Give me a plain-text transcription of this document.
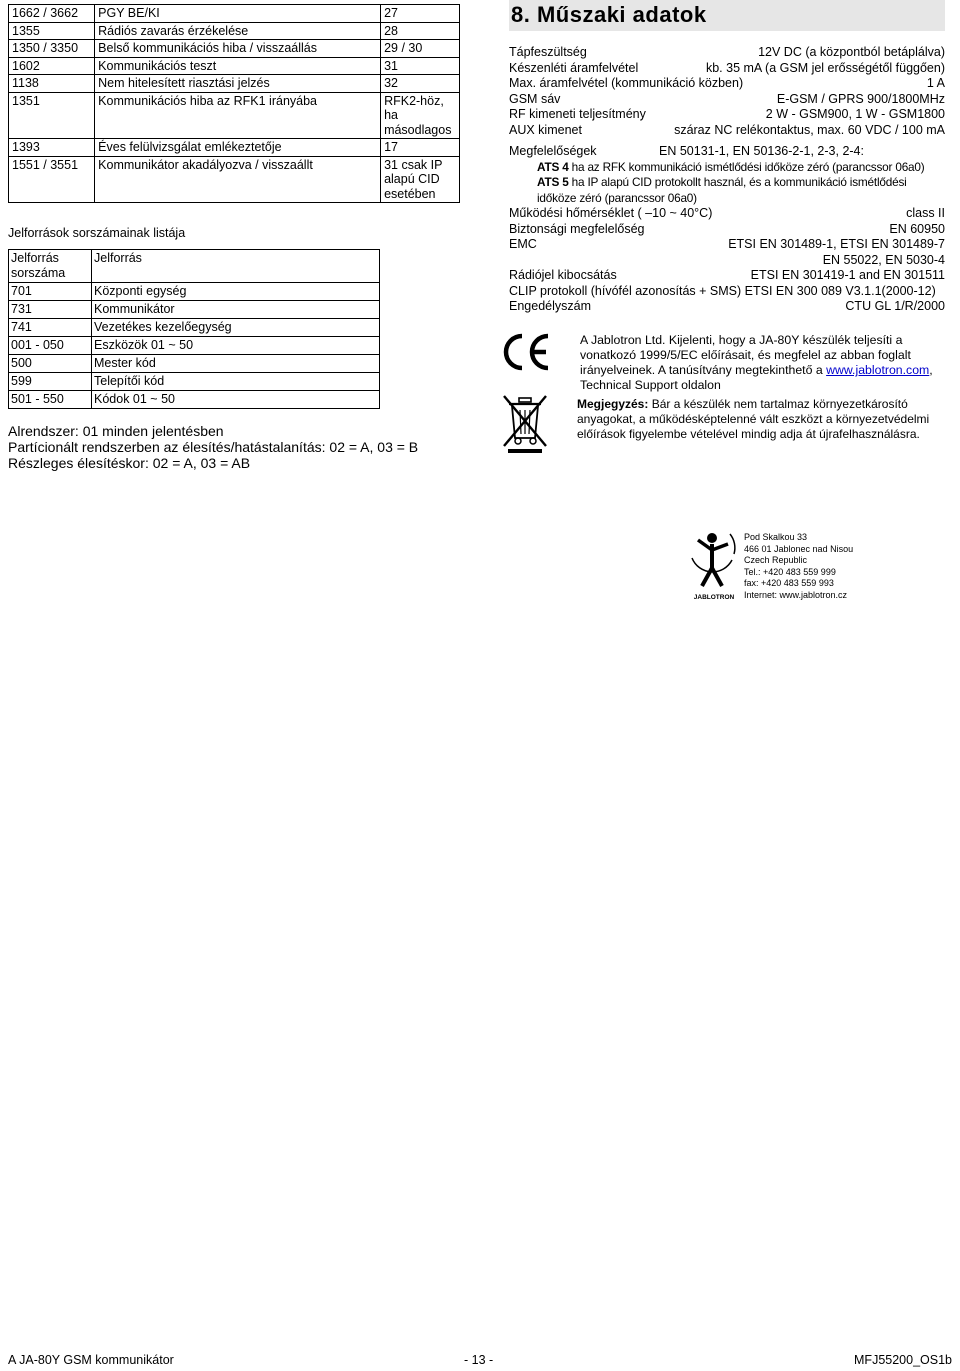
1662 / 3662	PGY BE/KI	27
1355	Rádiós zavarás érzékelése	28
1350 / 3350	Belső kommunikációs hiba / visszaállás	29 / 30
1602	Kommunikációs teszt	31
1138	Nem hitelesített riasztási jelzés	32
1351	Kommunikációs hiba az RFK1 irányába	RFK2-höz, ha másodlagos
1393	Éves felülvizsgálat emlékeztetője	17
1551 / 3551	Kommunikátor akadályozva / visszaállt	31 csak IP alapú CID esetében
Jelforrások sorszámainak listája
Jelforrás sorszáma	Jelforrás
701	Központi egység
731	Kommunikátor
741	Vezetékes kezelőegység
001 - 050	Eszközök 01 ~ 50
500	Mester kód
599	Telepítői kód
501 - 550	Kódok 01 ~ 50
Alrendszer: 01 minden jelentésben
Partícionált rendszerben az élesítés/hatástalanítás: 02 = A, 03 = B
Részleges élesítéskor: 02 = A, 03 = AB
8. Műszaki adatok
Tápfeszültség	12V DC (a központból betáplálva)
Készenléti áramfelvétel	kb. 35 mA (a GSM jel erősségétől függően)
Max. áramfelvétel (kommunikáció közben)	1 A
GSM sáv	E-GSM / GPRS 900/1800MHz
RF kimeneti teljesítmény	2 W - GSM900, 1 W - GSM1800
AUX kimenet	száraz NC relékontaktus, max. 60 VDC / 100 mA
Megfelelőségek	EN 50131-1, EN 50136-2-1, 2-3, 2-4:
ATS 4 ha az RFK kommunikáció ismétlődési időköze zéró (parancssor 06a0)
ATS 5 ha IP alapú CID protokollt használ, és a kommunikáció ismétlődési időköze zéró (parancssor 06a0)
Működési hőmérséklet ( –10 ~ 40°C)	class II
Biztonsági megfelelőség	EN 60950
EMC	ETSI EN 301489-1, ETSI EN 301489-7
EN 55022, EN 5030-4
Rádiójel kibocsátás	ETSI EN 301419-1 and EN 301511
CLIP protokoll (hívófél azonosítás + SMS) ETSI EN 300 089 V3.1.1(2000-12)
Engedélyszám	CTU GL 1/R/2000
A Jablotron Ltd. Kijelenti, hogy a JA-80Y készülék teljesíti a vonatkozó 1999/5/EC előírásait, és megfelel az abban foglalt irányelveinek. A tanúsítvány megtekinthető a www.jablotron.com, Technical Support oldalon
Megjegyzés: Bár a készülék nem tartalmaz környezetkárosító anyagokat, a működésképtelenné vált eszközt a környezetvédelmi előírások figyelembe vételével mindig adja át újrafelhasználásra.
JABLOTRON
Pod Skalkou 33
466 01 Jablonec nad Nisou
Czech Republic
Tel.: +420 483 559 999
fax: +420 483 559 993
Internet: www.jablotron.cz
A JA-80Y GSM kommunikátor	- 13 -	MFJ55200_OS1b
